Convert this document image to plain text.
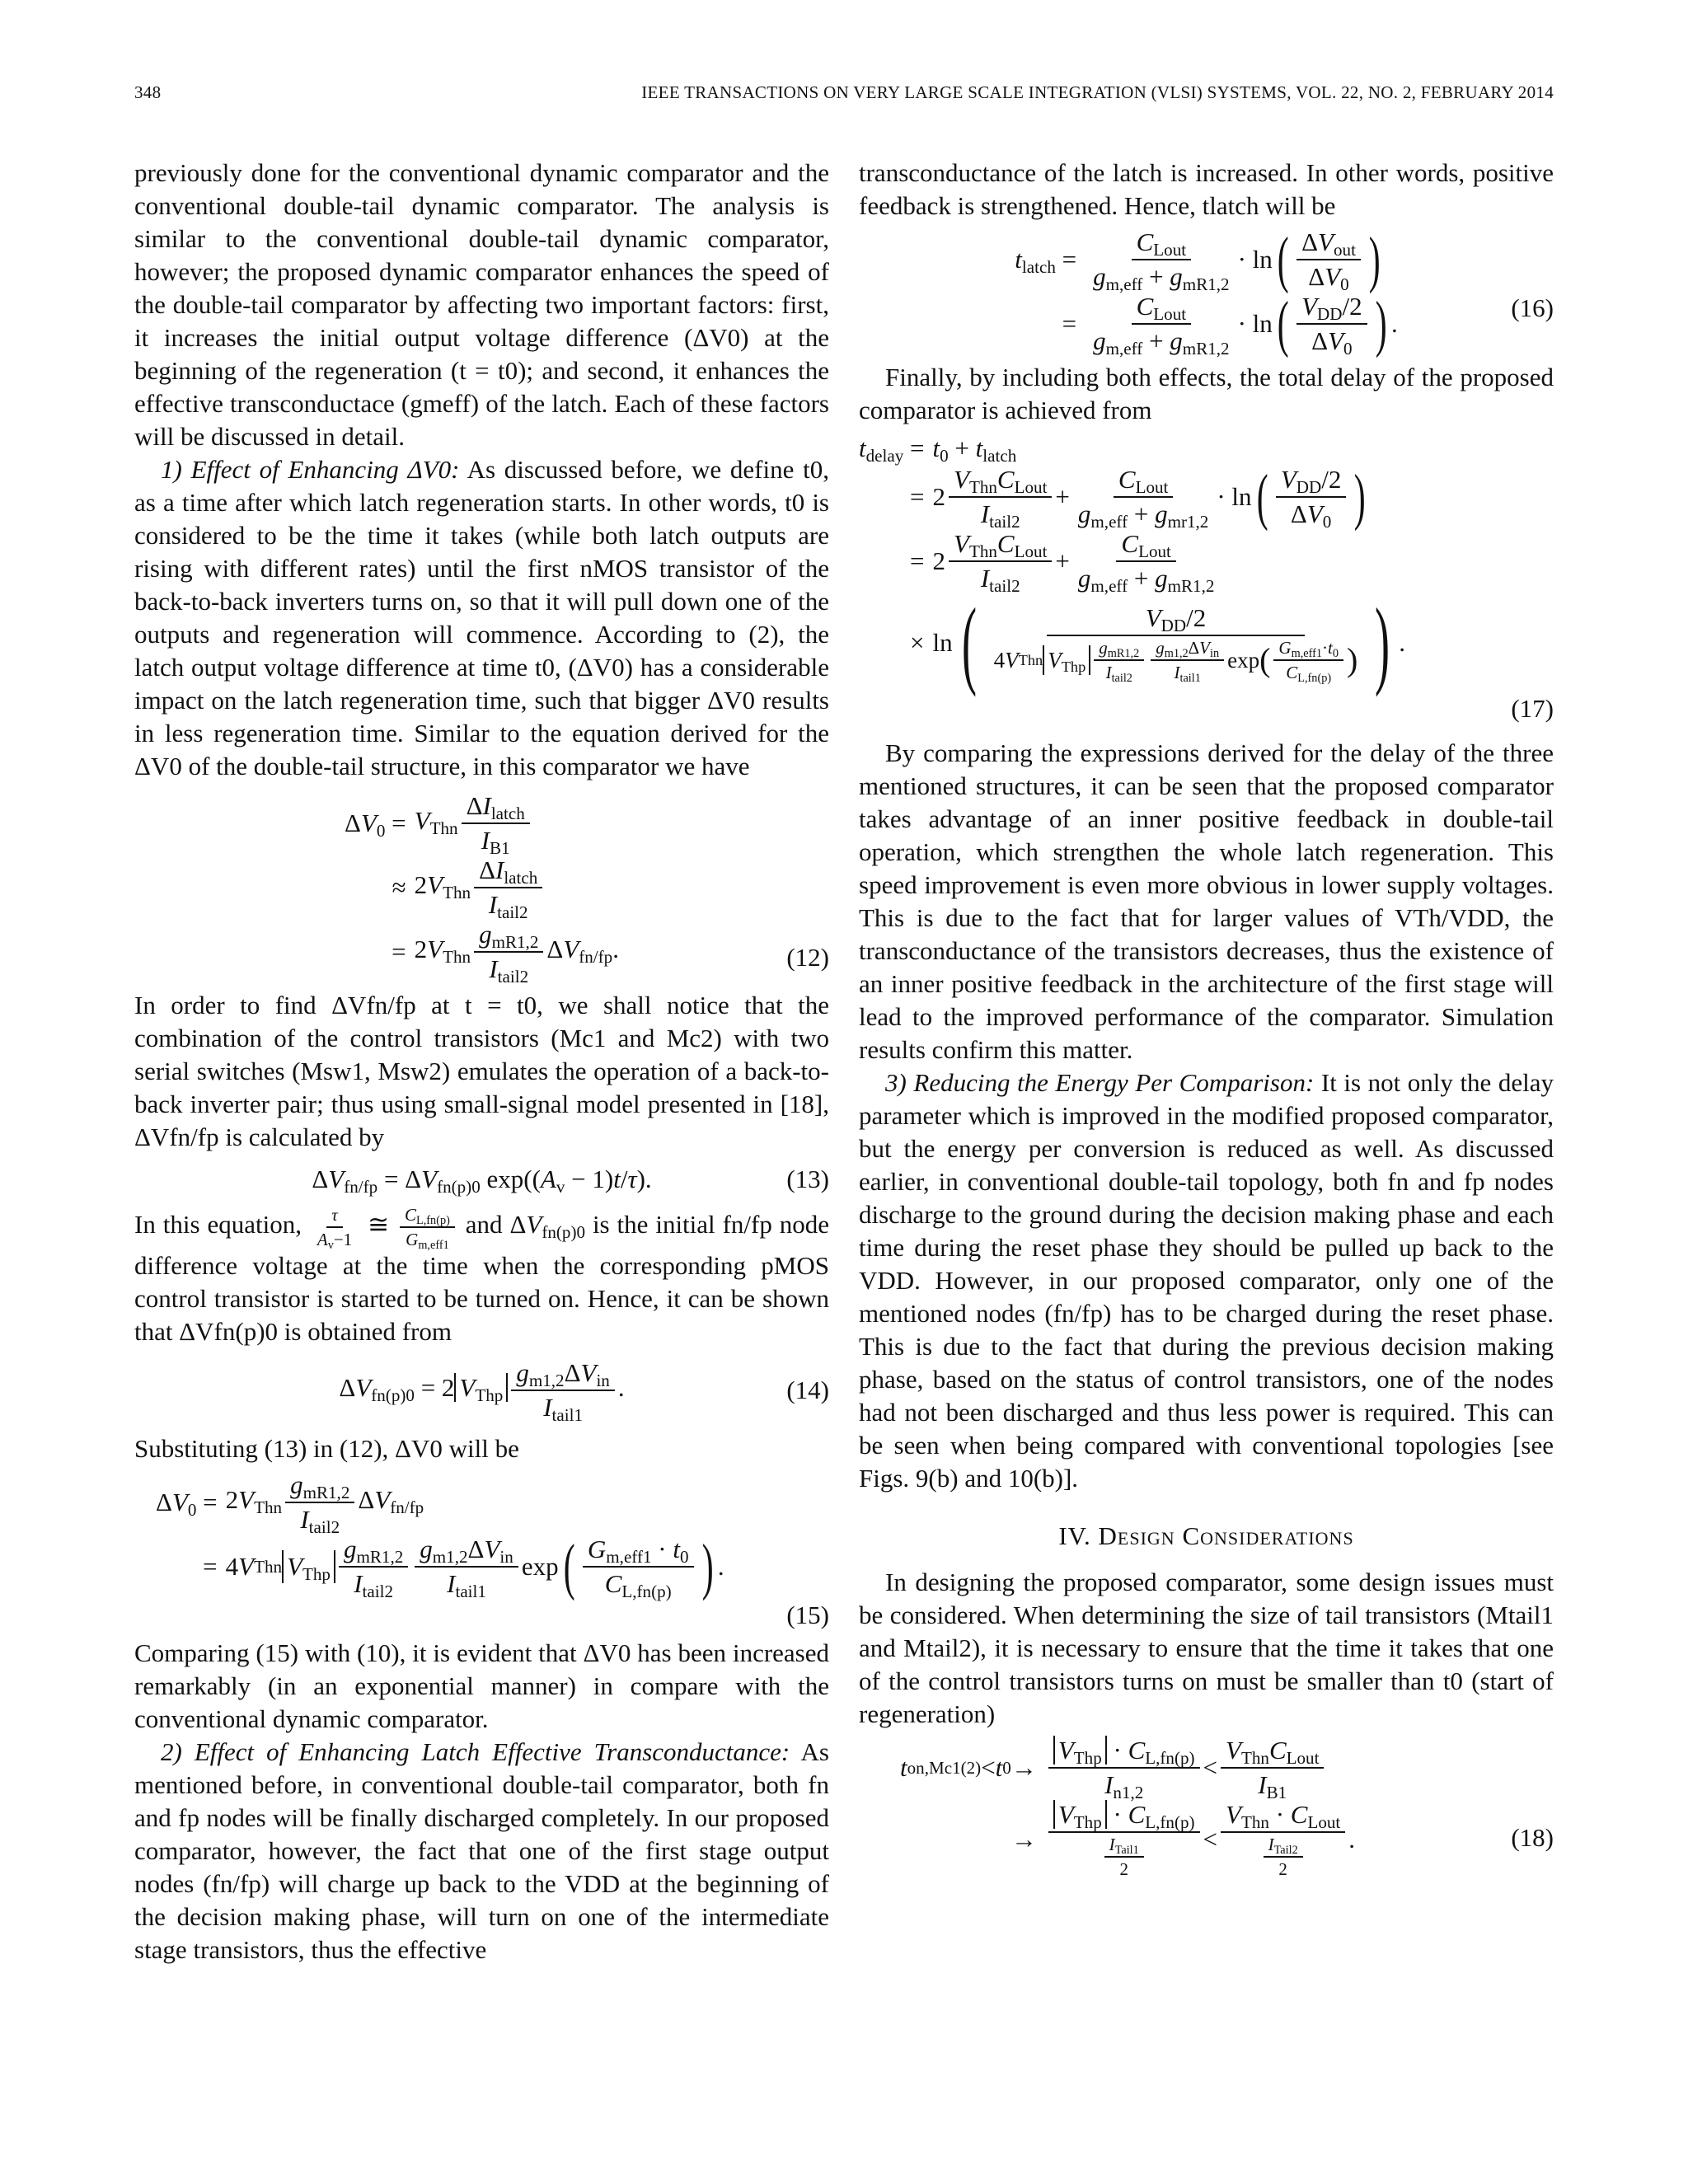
348	IEEE TRANSACTIONS ON VERY LARGE SCALE INTEGRATION (VLSI) SYSTEMS, VOL. 22, NO. 2, FEBRUARY 2014

previously done for the conventional dynamic comparator and the conventional double-tail dynamic comparator. The analysis is similar to the conventional double-tail dynamic comparator, however; the proposed dynamic comparator enhances the speed of the double-tail comparator by affecting two important factors: first, it increases the initial output voltage difference (ΔV0) at the beginning of the regeneration (t = t0); and second, it enhances the effective transconductace (gmeff) of the latch. Each of these factors will be discussed in detail.

1) Effect of Enhancing ΔV0: As discussed before, we define t0, as a time after which latch regeneration starts. In other words, t0 is considered to be the time it takes (while both latch outputs are rising with different rates) until the first nMOS transistor of the back-to-back inverters turns on, so that it will pull down one of the outputs and regeneration will commence. According to (2), the latch output voltage difference at time t0, (ΔV0) has a considerable impact on the latch regeneration time, such that bigger ΔV0 results in less regeneration time. Similar to the equation derived for the ΔV0 of the double-tail structure, in this comparator we have

$\Delta V_0 = V_{Thn} \frac{\Delta I_{latch}}{I_{B1}}$
≈ $2V_{Thn} \frac{\Delta I_{latch}}{I_{tail2}}$
= $2V_{Thn} \frac{g_{mR1,2}}{I_{tail2}} \Delta V_{fn/fp}$.	(12)

In order to find ΔVfn/fp at t = t0, we shall notice that the combination of the control transistors (Mc1 and Mc2) with two serial switches (Msw1, Msw2) emulates the operation of a back-to-back inverter pair; thus using small-signal model presented in [18], ΔVfn/fp is calculated by

$\Delta V_{fn/fp} = \Delta V_{fn(p)0}$ $\exp((A_v - 1)t/\tau)$.	(13)

In this equation, $\frac{\tau}{A_v-1}$ ≅ $\frac{C_{L,fn(p)}}{G_{m,eff1}}$ and $\Delta V_{fn(p)0}$ is the initial fn/fp node difference voltage at the time when the corresponding pMOS control transistor is started to be turned on. Hence, it can be shown that ΔVfn(p)0 is obtained from

$\Delta V_{fn(p)0} = 2$ $V_{Thp} \frac{g_{m1,2}\Delta V_{in}}{I_{tail1}}$ .	(14)

Substituting (13) in (12), ΔV0 will be

$\Delta V_0 = 2V_{Thn} \frac{g_{mR1,2}}{I_{tail2}} \Delta V_{fn/fp}$
= 4 V Thn $V_{Thp} \frac{g_{mR1,2}}{I_{tail2}} \frac{g_{m1,2}\Delta V_{in}}{I_{tail1}}$ exp ( $\frac{G_{m,eff1} \cdot t_0}{C_{L,fn(p)}}$ ) .
(15)

Comparing (15) with (10), it is evident that ΔV0 has been increased remarkably (in an exponential manner) in compare with the conventional dynamic comparator.

2) Effect of Enhancing Latch Effective Transconductance: As mentioned before, in conventional double-tail comparator, both fn and fp nodes will be finally discharged completely. In our proposed comparator, however, the fact that one of the first stage output nodes (fn/fp) will charge up back to the VDD at the beginning of the decision making phase, will turn on one of the intermediate stage transistors, thus the effective

transconductance of the latch is increased. In other words, positive feedback is strengthened. Hence, tlatch will be

$t_{latch} = \frac{C_{Lout}}{g_{m,eff} + g_{mR1,2}} \cdot \ln$ ( $\frac{\Delta V_{out}}{\Delta V_0}$ )
= $\frac{C_{Lout}}{g_{m,eff} + g_{mR1,2}} \cdot \ln$ ( $\frac{V_{DD}/2}{\Delta V_0}$ ) .
(16)

Finally, by including both effects, the total delay of the proposed comparator is achieved from

$t_{delay} = t_0 + t_{latch}$
= $2 \frac{V_{Thn}C_{Lout}}{I_{tail2}} + \frac{C_{Lout}}{g_{m,eff} + g_{mr1,2}} \cdot \ln$ ( $\frac{V_{DD}/2}{\Delta V_0}$ )
= $2 \frac{V_{Thn}C_{Lout}}{I_{tail2}} + \frac{C_{Lout}}{g_{m,eff} + g_{mR1,2}}$
× ln ( $\frac{V_{DD}/2}{4 V Thn V_{Thp} \frac{g_{mR1,2}}{I_{tail2}} \frac{g_{m1,2}\Delta V_{in}}{I_{tail1}} \exp ( \frac{G_{m,eff1}\cdot t_0}{C_{L,fn(p)}} )}$ ) .
(17)

By comparing the expressions derived for the delay of the three mentioned structures, it can be seen that the proposed comparator takes advantage of an inner positive feedback in double-tail operation, which strengthen the whole latch regeneration. This speed improvement is even more obvious in lower supply voltages. This is due to the fact that for larger values of VTh/VDD, the transconductance of the transistors decreases, thus the existence of an inner positive feedback in the architecture of the first stage will lead to the improved performance of the comparator. Simulation results confirm this matter.

3) Reducing the Energy Per Comparison: It is not only the delay parameter which is improved in the modified proposed comparator, but the energy per conversion is reduced as well. As discussed earlier, in conventional double-tail topology, both fn and fp nodes discharge to the ground during the decision making phase and each time during the reset phase they should be pulled up back to the VDD. However, in our proposed comparator, only one of the mentioned nodes (fn/fp) has to be charged during the reset phase. This is due to the fact that during the previous decision making phase, based on the status of control transistors, one of the nodes had not been discharged and thus less power is required. This can be seen when being compared with conventional topologies [see Figs. 9(b) and 10(b)].

IV. Design Considerations

In designing the proposed comparator, some design issues must be considered. When determining the size of tail transistors (Mtail1 and Mtail2), it is necessary to ensure that the time it takes that one of the control transistors turns on must be smaller than t0 (start of regeneration)

t on,Mc1(2) < t $0 \to \frac{V_{Thp} \cdot C_{L,fn(p)}}{I_{n1,2}} < \frac{V_{Thn}C_{Lout}}{I_{B1}}$
→ $\frac{V_{Thp} \cdot C_{L,fn(p)}}{\frac{I_{Tail1}}{2}} < \frac{V_{Thn} \cdot C_{Lout}}{\frac{I_{Tail2}}{2}}$ .	(18)
